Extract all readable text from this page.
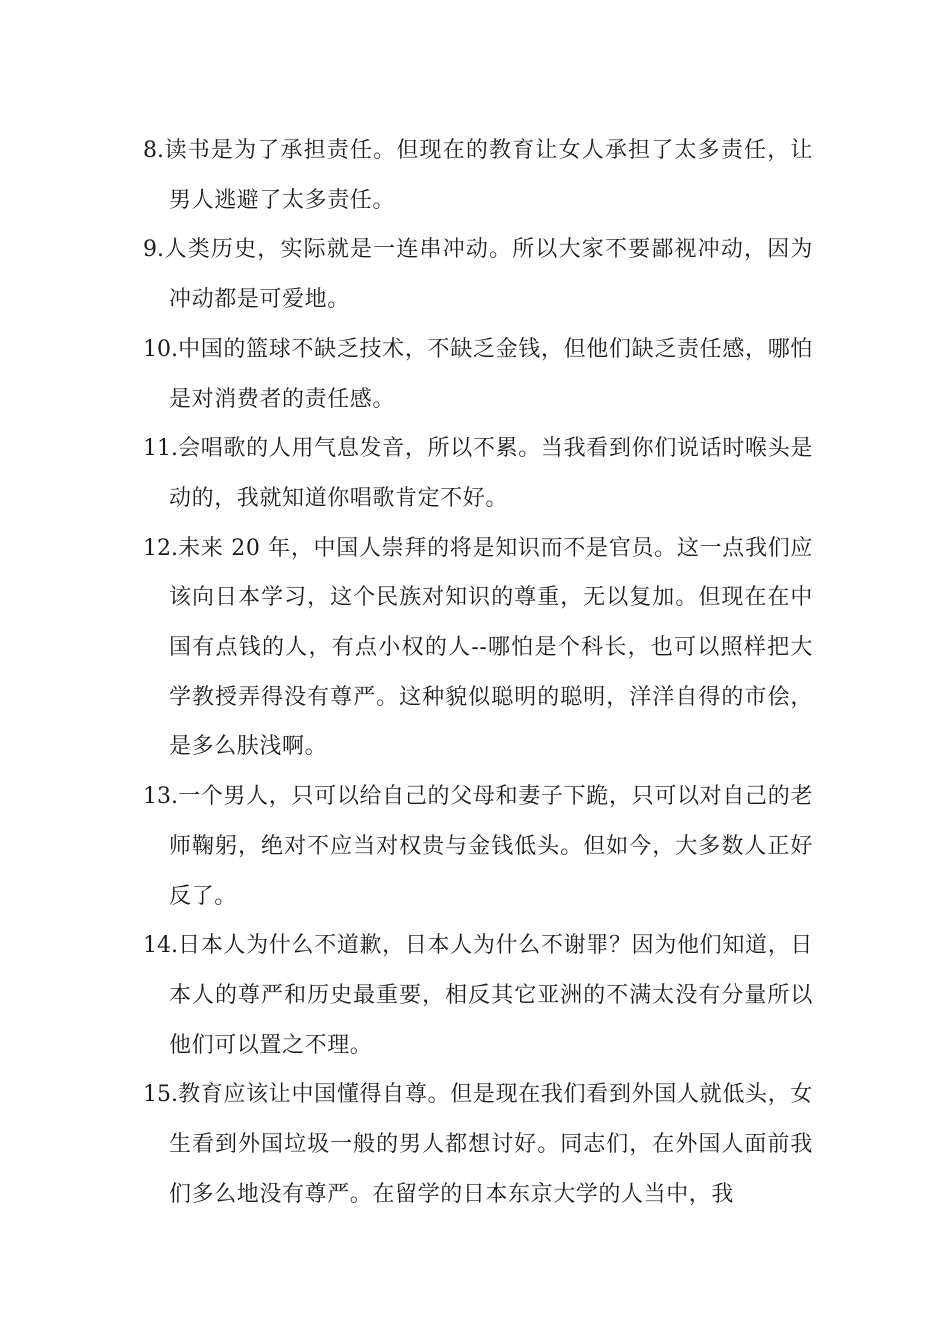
8.读书是为了承担责任。但现在的教育让女人承担了太多责任，让男人逃避了太多责任。
9.人类历史，实际就是一连串冲动。所以大家不要鄙视冲动，因为冲动都是可爱地。
10.中国的篮球不缺乏技术，不缺乏金钱，但他们缺乏责任感，哪怕是对消费者的责任感。
11.会唱歌的人用气息发音，所以不累。当我看到你们说话时喉头是动的，我就知道你唱歌肯定不好。
12.未来 20 年，中国人崇拜的将是知识而不是官员。这一点我们应该向日本学习，这个民族对知识的尊重，无以复加。但现在在中国有点钱的人，有点小权的人--哪怕是个科长，也可以照样把大学教授弄得没有尊严。这种貌似聪明的聪明，洋洋自得的市侩，是多么肤浅啊。
13.一个男人，只可以给自己的父母和妻子下跪，只可以对自己的老师鞠躬，绝对不应当对权贵与金钱低头。但如今，大多数人正好反了。
14.日本人为什么不道歉，日本人为什么不谢罪？因为他们知道，日本人的尊严和历史最重要，相反其它亚洲的不满太没有分量所以他们可以置之不理。
15.教育应该让中国懂得自尊。但是现在我们看到外国人就低头，女生看到外国垃圾一般的男人都想讨好。同志们，在外国人面前我们多么地没有尊严。在留学的日本东京大学的人当中，我
